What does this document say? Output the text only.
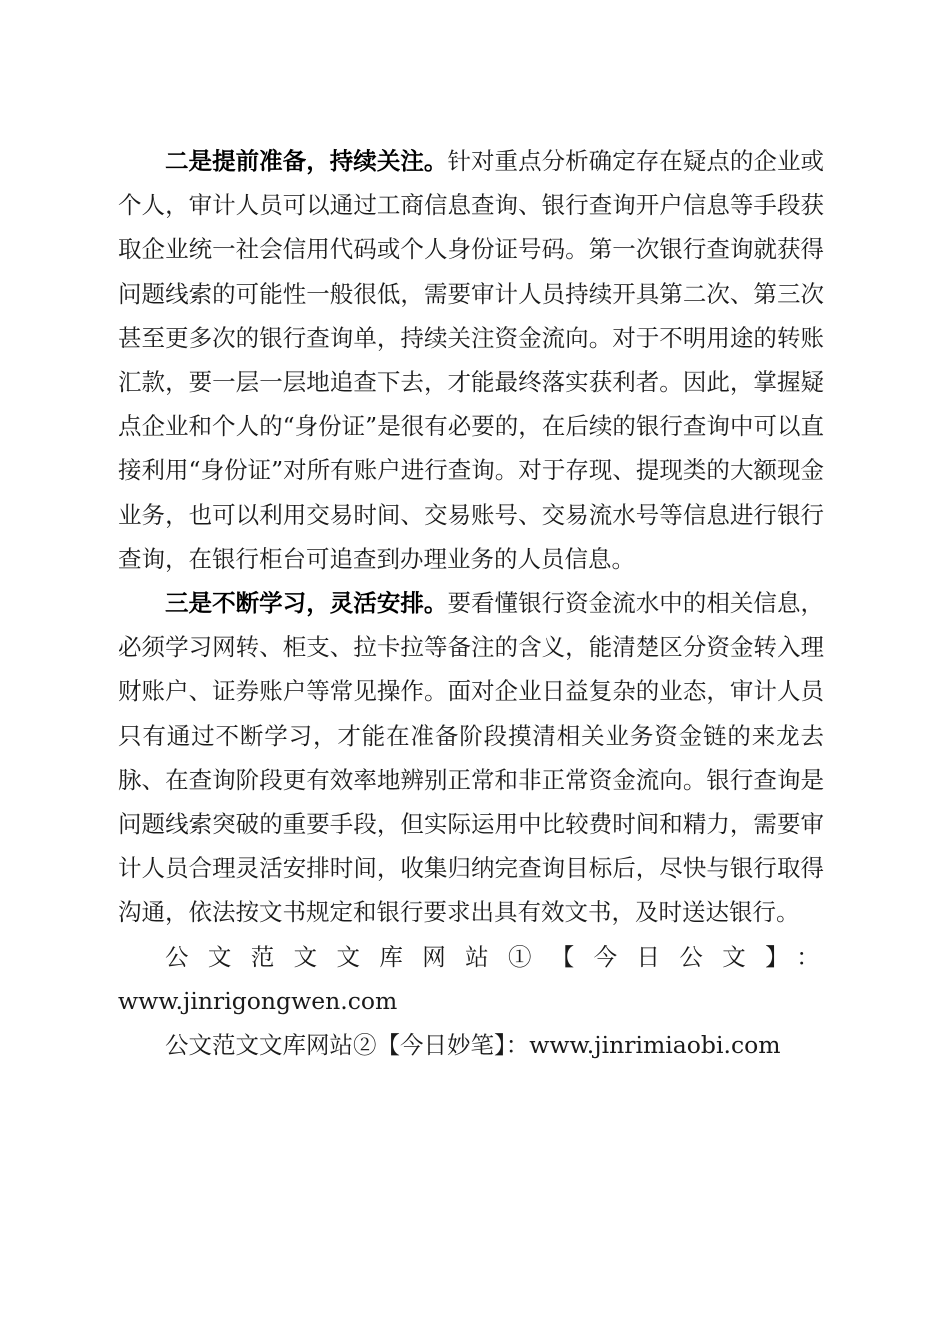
二是提前准备，持续关注。针对重点分析确定存在疑点的企业或个人，审计人员可以通过工商信息查询、银行查询开户信息等手段获取企业统一社会信用代码或个人身份证号码。第一次银行查询就获得问题线索的可能性一般很低，需要审计人员持续开具第二次、第三次甚至更多次的银行查询单，持续关注资金流向。对于不明用途的转账汇款，要一层一层地追查下去，才能最终落实获利者。因此，掌握疑点企业和个人的“身份证”是很有必要的，在后续的银行查询中可以直接利用“身份证”对所有账户进行查询。对于存现、提现类的大额现金业务，也可以利用交易时间、交易账号、交易流水号等信息进行银行查询，在银行柜台可追查到办理业务的人员信息。

三是不断学习，灵活安排。要看懂银行资金流水中的相关信息，必须学习网转、柜支、拉卡拉等备注的含义，能清楚区分资金转入理财账户、证券账户等常见操作。面对企业日益复杂的业态，审计人员只有通过不断学习，才能在准备阶段摸清相关业务资金链的来龙去脉、在查询阶段更有效率地辨别正常和非正常资金流向。银行查询是问题线索突破的重要手段，但实际运用中比较费时间和精力，需要审计人员合理灵活安排时间，收集归纳完查询目标后，尽快与银行取得沟通，依法按文书规定和银行要求出具有效文书，及时送达银行。

公文范文文库网站①【今日公文】：

www.jinrigongwen.com

公文范文文库网站②【今日妙笔】：www.jinrimiaobi.com
